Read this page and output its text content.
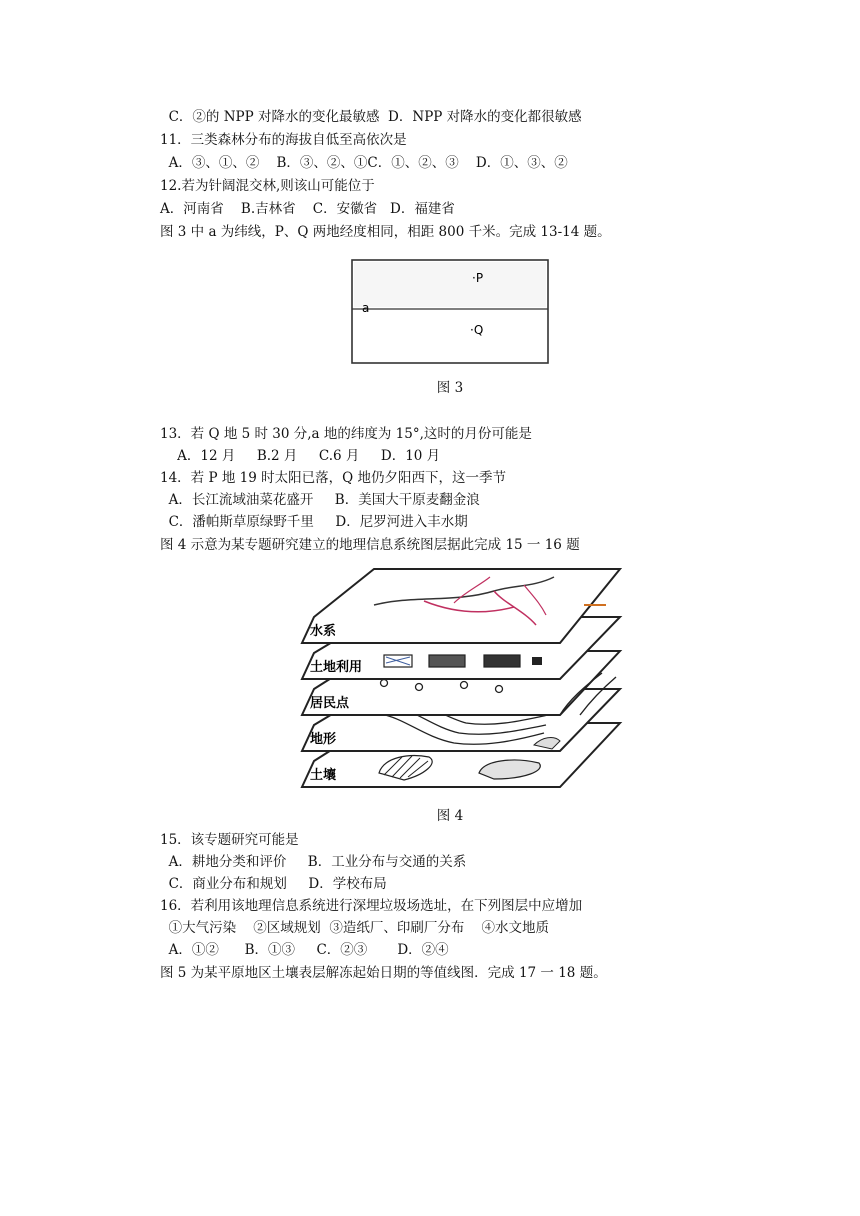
C．②的 NPP 对降水的变化最敏感  D．NPP 对降水的变化都很敏感
11．三类森林分布的海拔自低至高依次是
A．③、①、②    B．③、②、①C．①、②、③    D．①、③、②
12.若为针阔混交林,则该山可能位于
A．河南省    B.吉林省    C．安徽省   D．福建省
图 3 中 a 为纬线，P、Q 两地经度相同，相距 800 千米。完成 13-14 题。
a
·P
·Q
图 3
13．若 Q 地 5 时 30 分,a 地的纬度为 15°,这时的月份可能是
A．12 月     B.2 月     C.6 月     D．10 月
14．若 P 地 19 时太阳已落，Q 地仍夕阳西下，这一季节
A．长江流域油菜花盛开     B．美国大干原麦翻金浪
C．潘帕斯草原绿野千里     D．尼罗河进入丰水期
图 4 示意为某专题研究建立的地理信息系统图层据此完成 15 一 16 题
土壤
地形
居民点
土地利用
水系
图 4
15．该专题研究可能是
A．耕地分类和评价     B．工业分布与交通的关系
C．商业分布和规划     D．学校布局
16．若利用该地理信息系统进行深埋垃圾场选址，在下列图层中应增加
①大气污染    ②区域规划  ③造纸厂、印刷厂分布    ④水文地质
A．①②      B．①③     C．②③       D．②④
图 5 为某平原地区土壤表层解冻起始日期的等值线图．完成 17 一 18 题。
